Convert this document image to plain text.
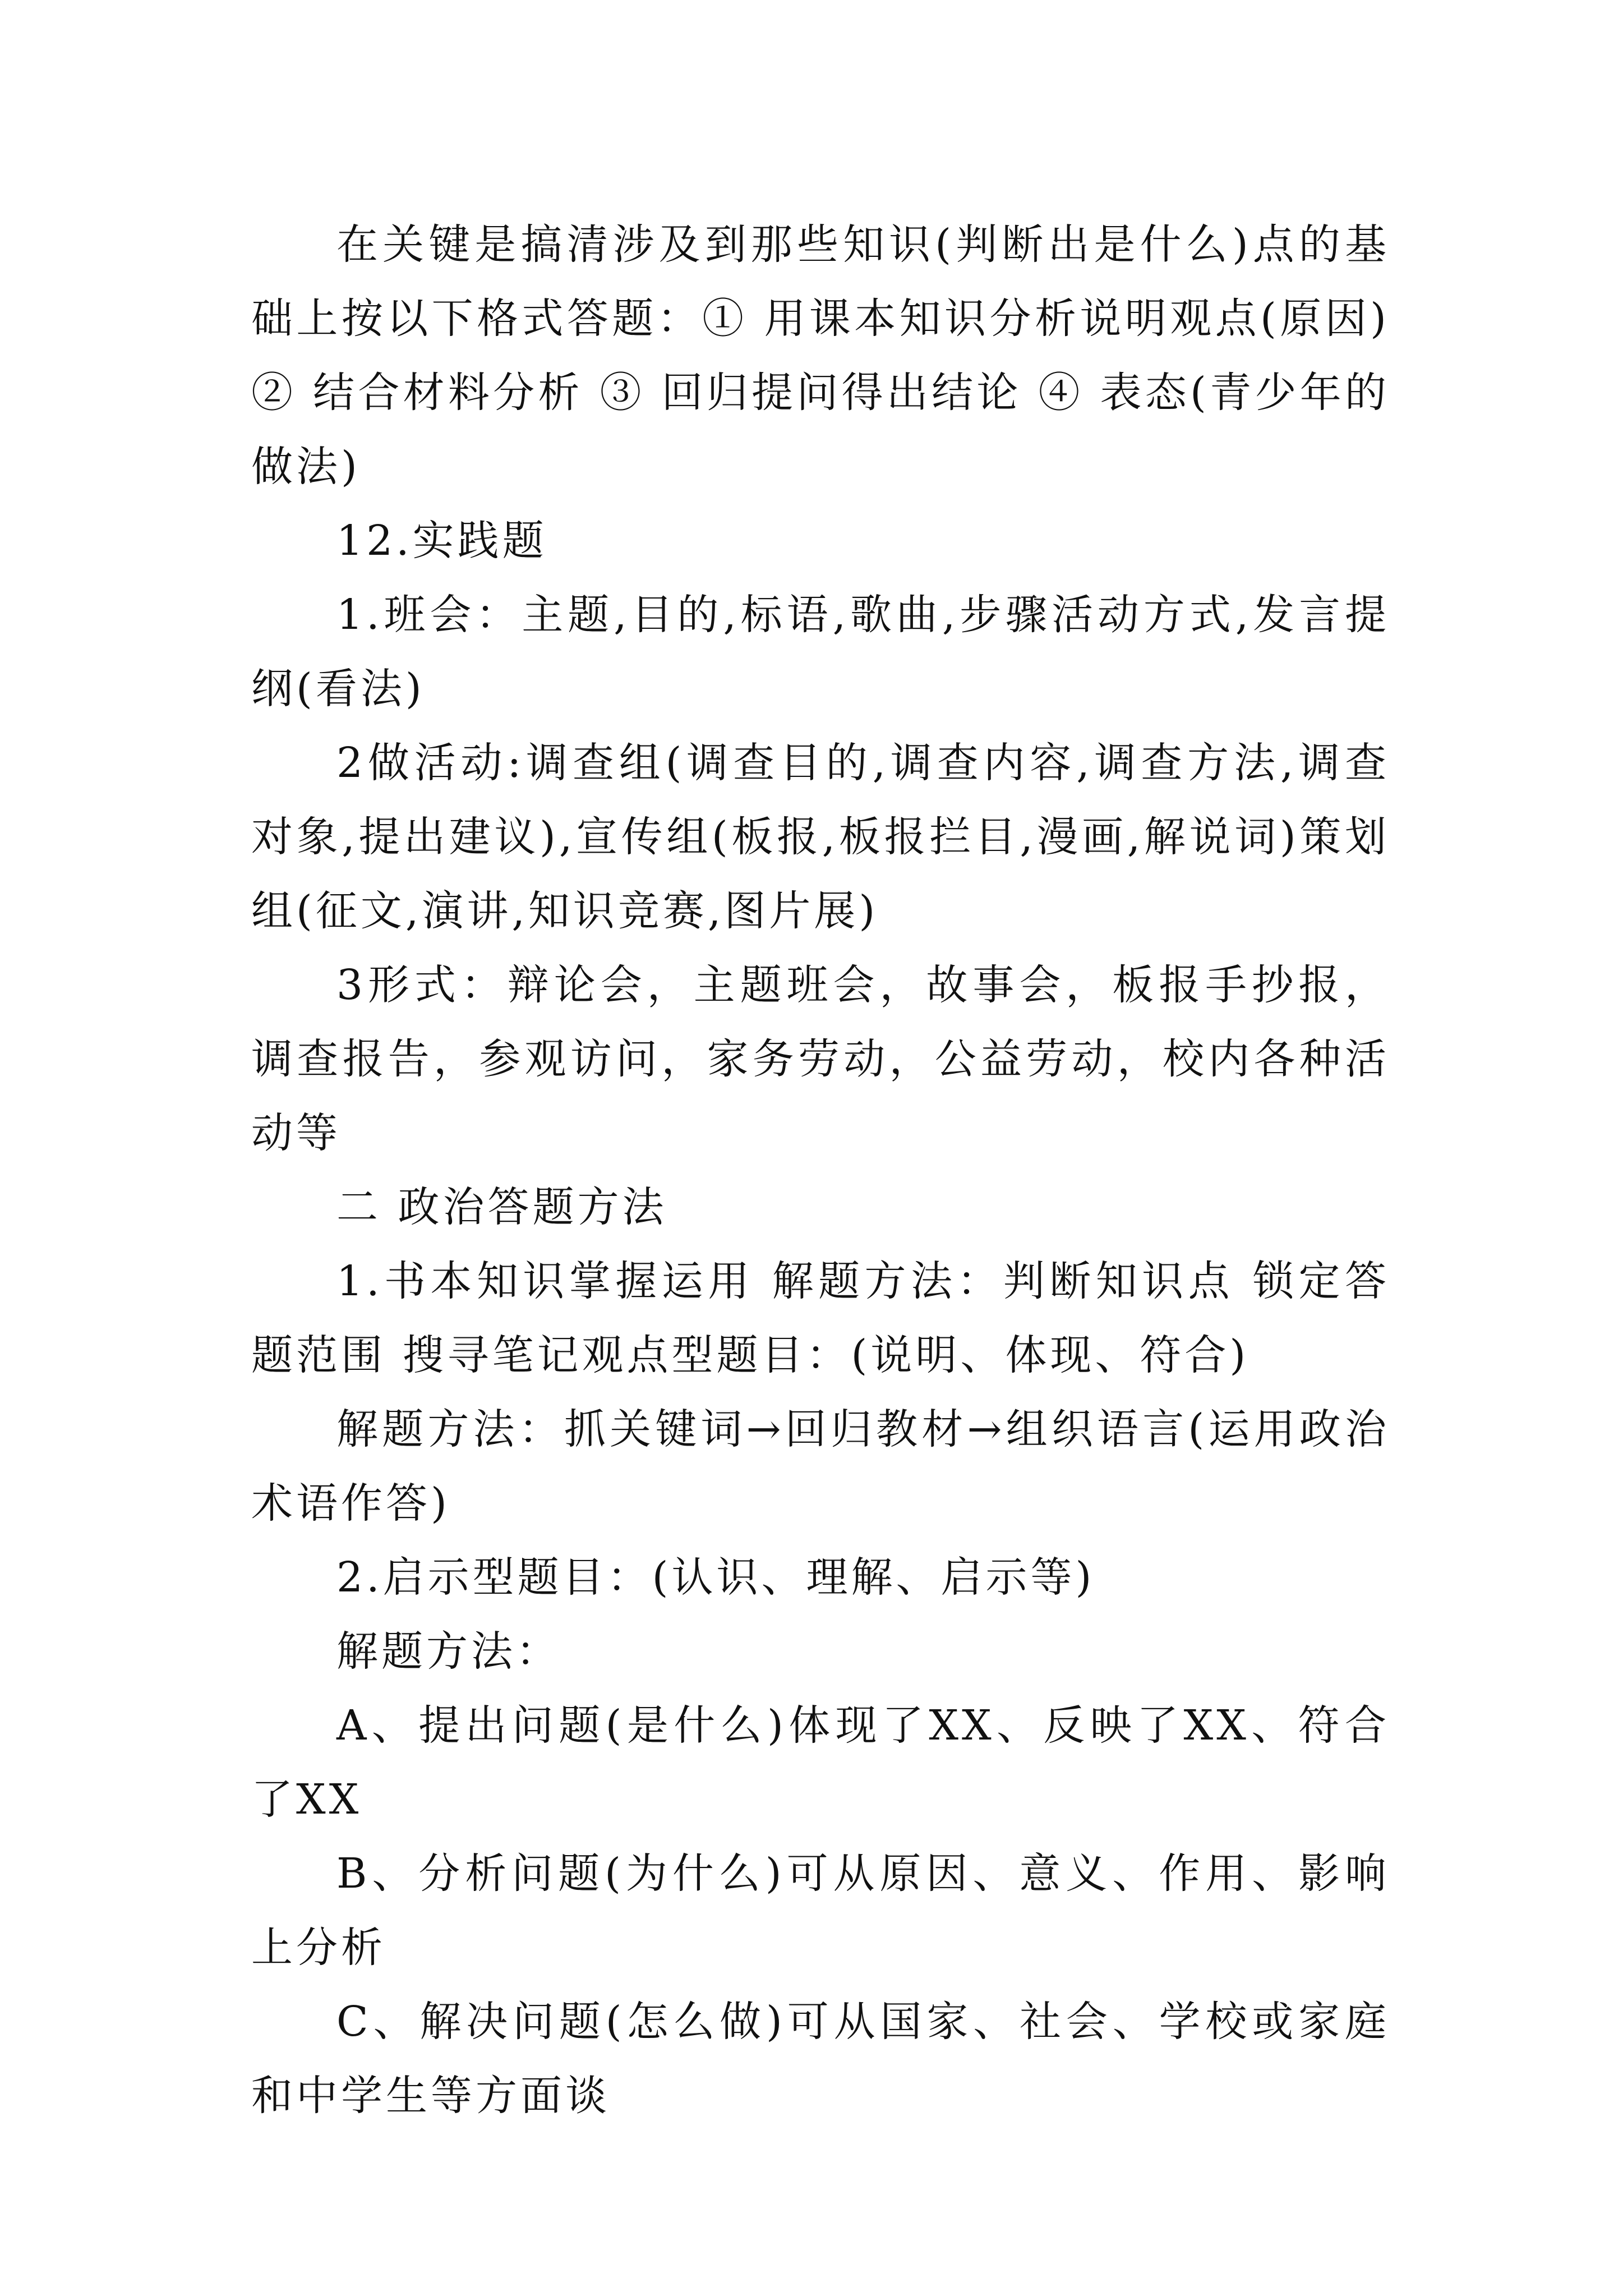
在关键是搞清涉及到那些知识(判断出是什么)点的基础上按以下格式答题：① 用课本知识分析说明观点(原因) ② 结合材料分析 ③ 回归提问得出结论 ④ 表态(青少年的做法)

12.实践题

1.班会：主题,目的,标语,歌曲,步骤活动方式,发言提纲(看法)

2做活动:调查组(调查目的,调查内容,调查方法,调查对象,提出建议),宣传组(板报,板报拦目,漫画,解说词)策划组(征文,演讲,知识竞赛,图片展)

3形式：辩论会，主题班会，故事会，板报手抄报，调查报告，参观访问，家务劳动，公益劳动，校内各种活动等

二 政治答题方法

1.书本知识掌握运用 解题方法：判断知识点 锁定答题范围 搜寻笔记观点型题目：(说明、体现、符合)

解题方法：抓关键词→回归教材→组织语言(运用政治术语作答)

2.启示型题目：(认识、理解、启示等)

解题方法：

A、提出问题(是什么)体现了XX、反映了XX、符合了XX

B、分析问题(为什么)可从原因、意义、作用、影响上分析

C、解决问题(怎么做)可从国家、社会、学校或家庭和中学生等方面谈
